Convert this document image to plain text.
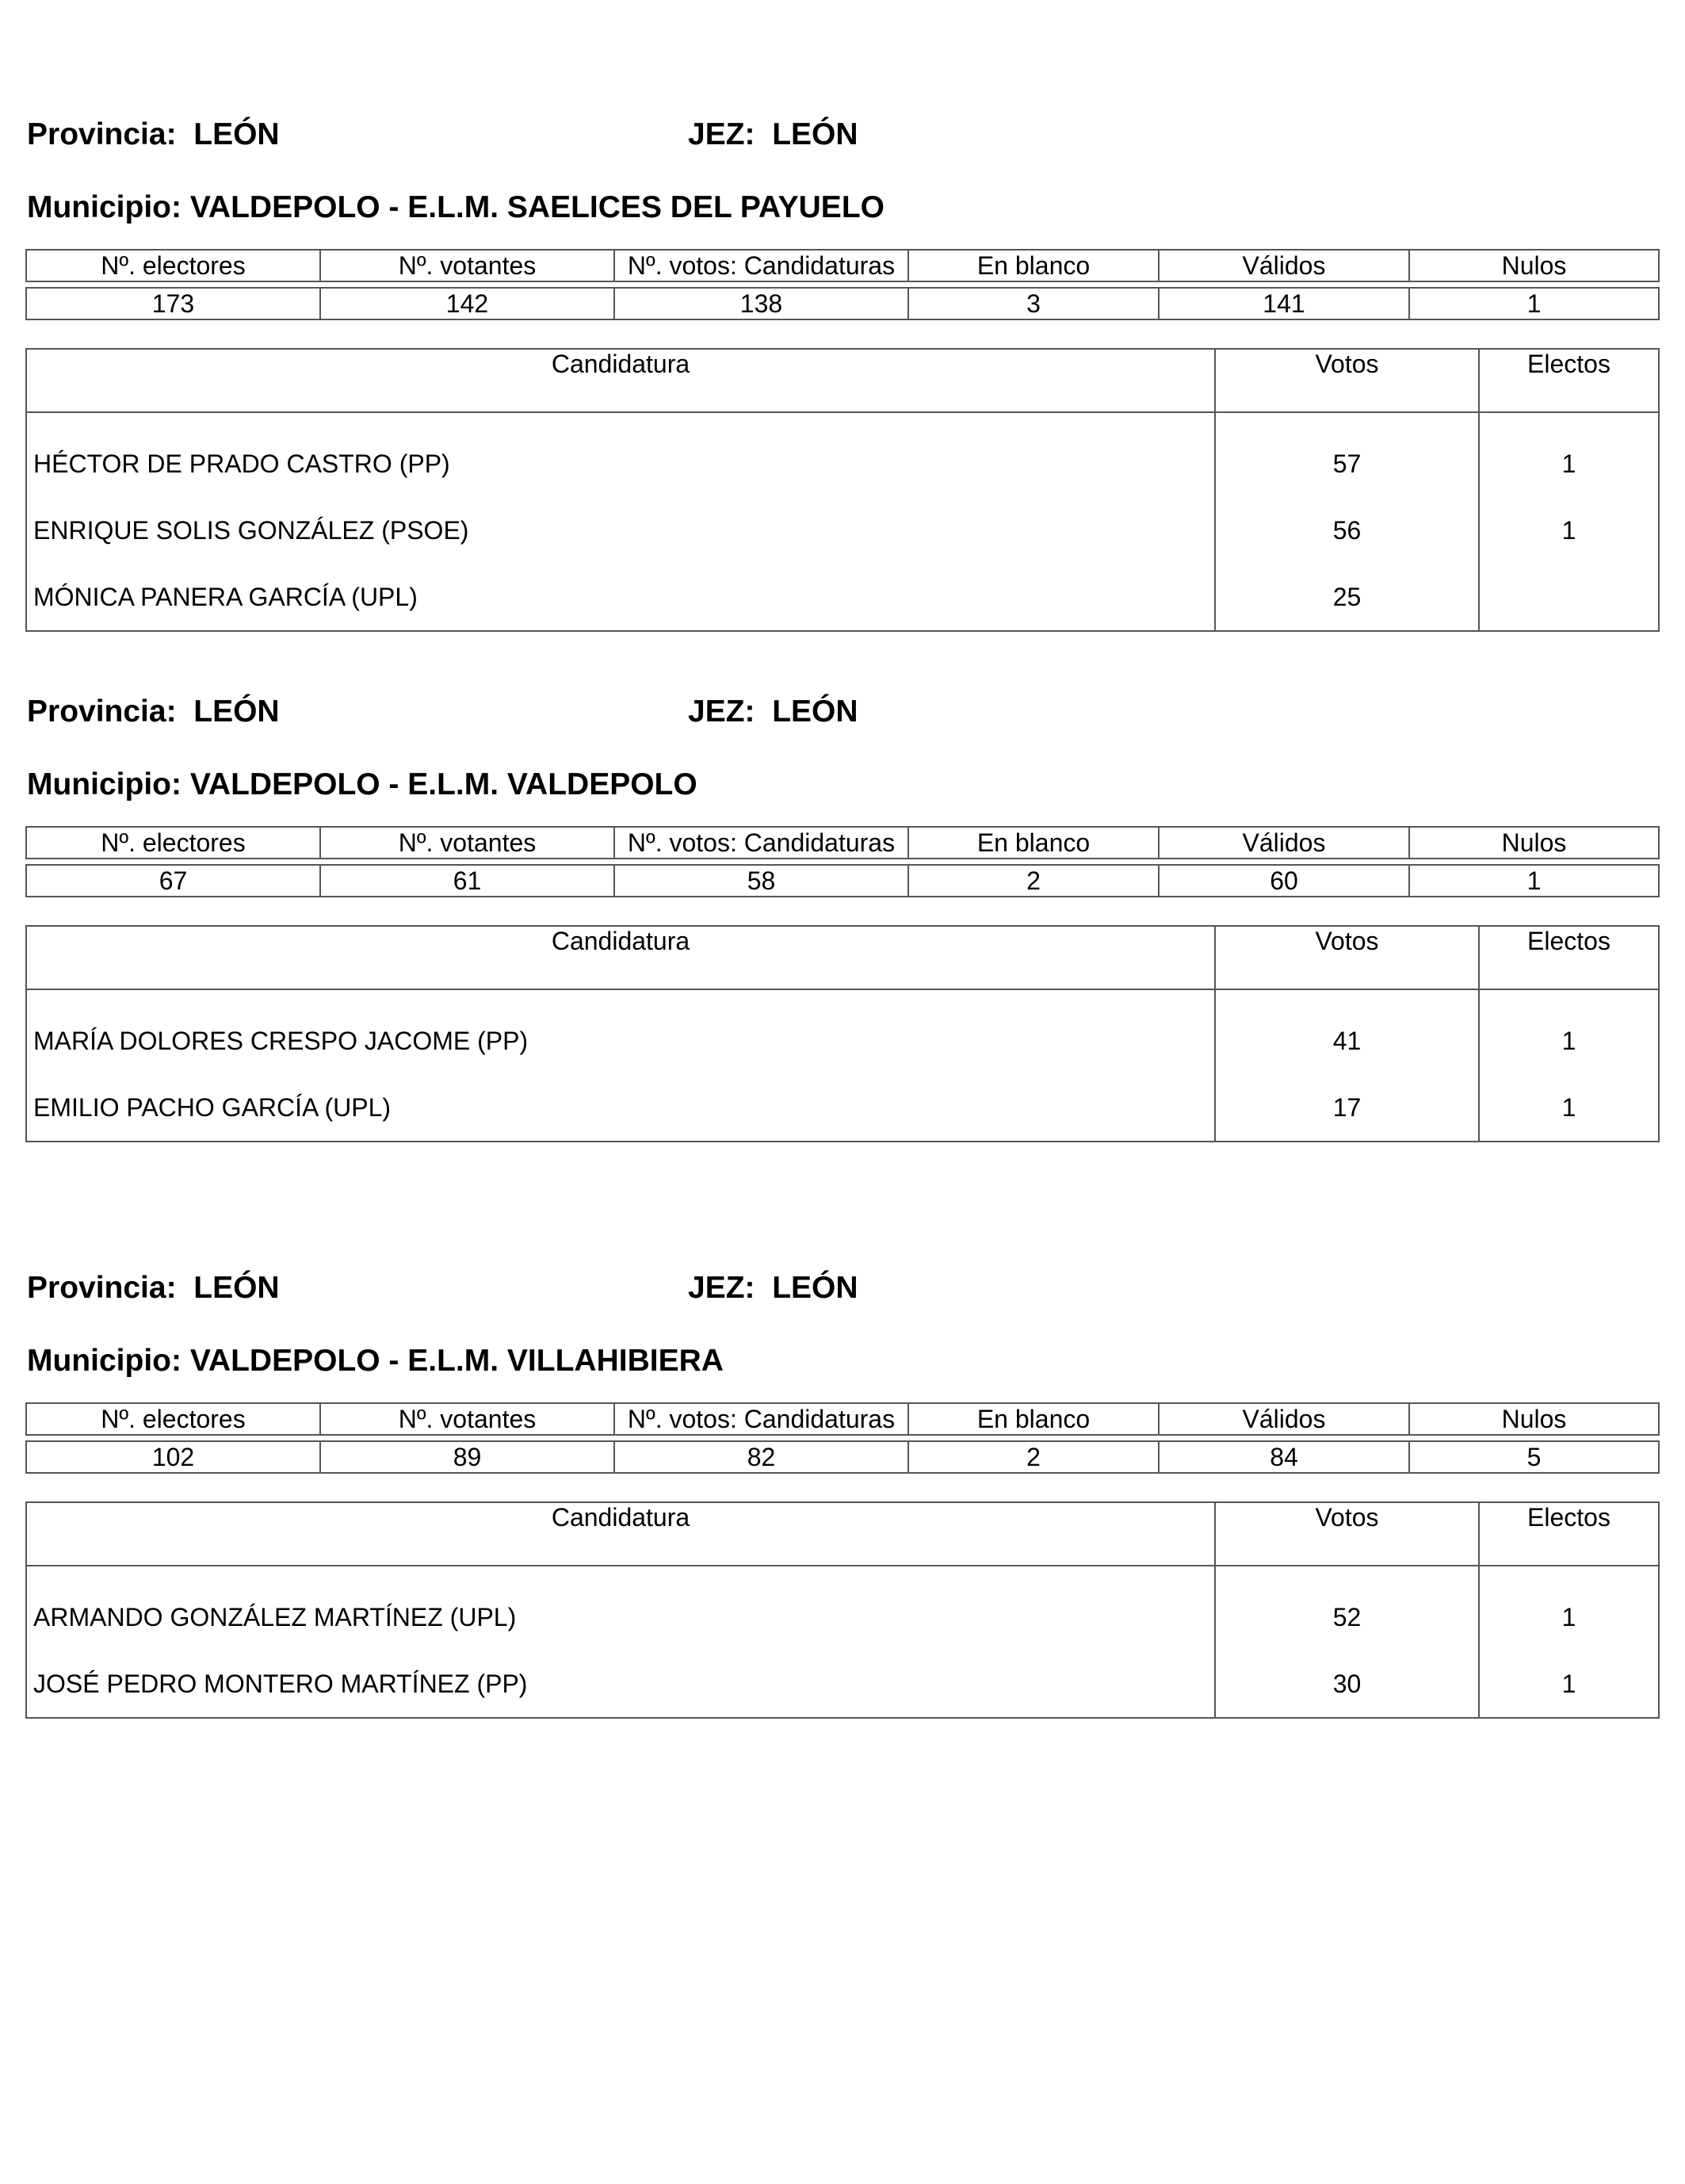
Provincia: LEÓN	JEZ: LEÓN
Municipio: VALDEPOLO - E.L.M. SAELICES DEL PAYUELO
Nº. electores	Nº. votantes	Nº. votos: Candidaturas	En blanco	Válidos	Nulos

173	142	138	3	141	1
Candidatura	Votos	Electos
HÉCTOR DE PRADO CASTRO (PP)	57	1
ENRIQUE SOLIS GONZÁLEZ (PSOE)	56	1
MÓNICA PANERA GARCÍA (UPL)	25	
Provincia: LEÓN	JEZ: LEÓN
Municipio: VALDEPOLO - E.L.M. VALDEPOLO
Nº. electores	Nº. votantes	Nº. votos: Candidaturas	En blanco	Válidos	Nulos

67	61	58	2	60	1
Candidatura	Votos	Electos
MARÍA DOLORES CRESPO JACOME (PP)	41	1
EMILIO PACHO GARCÍA (UPL)	17	1
Provincia: LEÓN	JEZ: LEÓN
Municipio: VALDEPOLO - E.L.M. VILLAHIBIERA
Nº. electores	Nº. votantes	Nº. votos: Candidaturas	En blanco	Válidos	Nulos

102	89	82	2	84	5
Candidatura	Votos	Electos
ARMANDO GONZÁLEZ MARTÍNEZ (UPL)	52	1
JOSÉ PEDRO MONTERO MARTÍNEZ (PP)	30	1
